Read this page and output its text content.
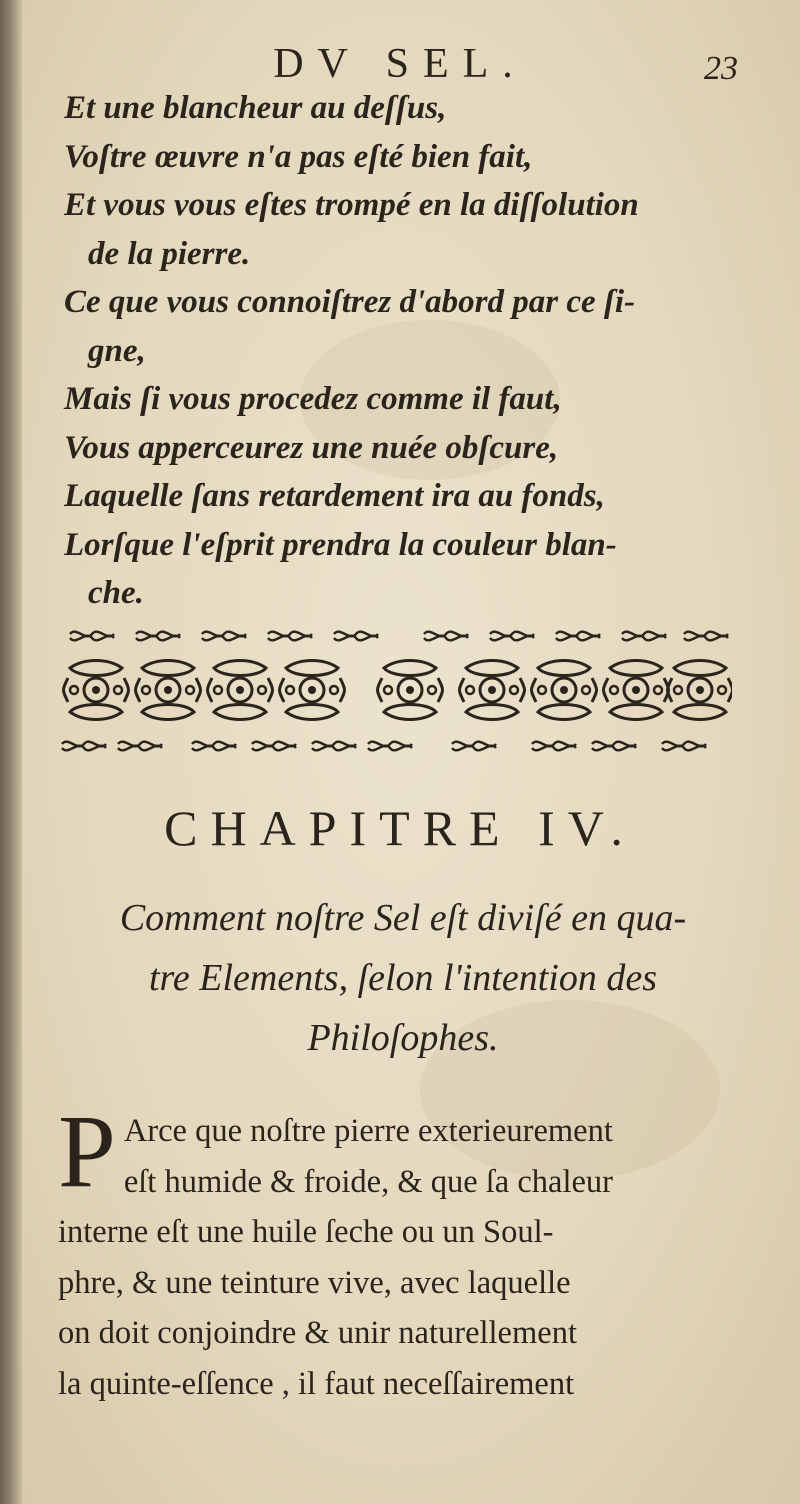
DV SEL.	23
Et une blancheur au deſſus,
Voſtre œuvre n'a pas eſté bien fait,
Et vous vous eſtes trompé en la diſſolution
de la pierre.
Ce que vous connoiſtrez d'abord par ce ſi-
gne,
Mais ſi vous procedez comme il faut,
Vous apperceurez une nuée obſcure,
Laquelle ſans retardement ira au fonds,
Lorſque l'eſprit prendra la couleur blan-
che.
CHAPITRE IV.
Comment noſtre Sel eſt diviſé en qua-
tre Elements, ſelon l'intention des
Philoſophes.
P Arce que noſtre pierre exterieurement
eſt humide & froide, & que ſa chaleur
interne eſt une huile ſeche ou un Soul-
phre, & une teinture vive, avec laquelle
on doit conjoindre & unir naturellement
la quinte-eſſence , il faut neceſſairement
